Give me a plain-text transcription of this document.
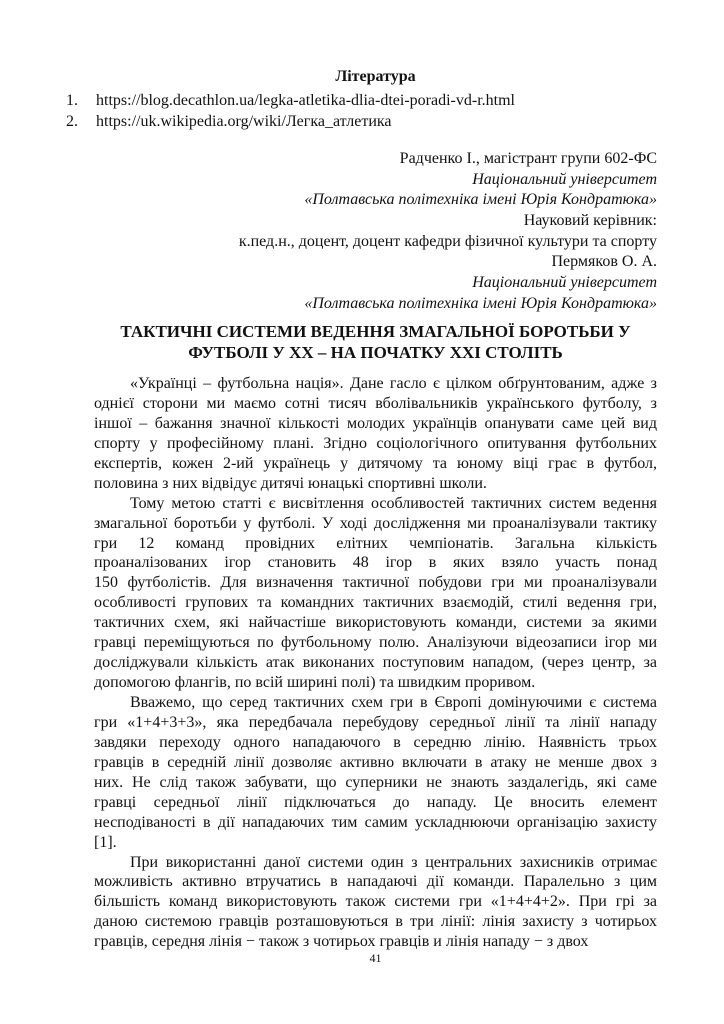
Література
1. https://blog.decathlon.ua/legka-atletika-dlia-dtei-poradi-vd-r.html
2. https://uk.wikipedia.org/wiki/Легка_атлетика
Радченко І., магістрант групи 602-ФС
Національний університет
«Полтавська політехніка імені Юрія Кондратюка»
Науковий керівник:
к.пед.н., доцент, доцент кафедри фізичної культури та спорту
Пермяков О. А.
Національний університет
«Полтавська політехніка імені Юрія Кондратюка»
ТАКТИЧНІ СИСТЕМИ ВЕДЕННЯ ЗМАГАЛЬНОЇ БОРОТЬБИ У
ФУТБОЛІ У ХХ – НА ПОЧАТКУ ХХІ СТОЛІТЬ
«Українці – футбольна нація». Дане гасло є цілком обґрунтованим, адже з
однієї сторони ми маємо сотні тисяч вболівальників українського футболу, з
іншої – бажання значної кількості молодих українців опанувати саме цей вид
спорту у професійному плані. Згідно соціологічного опитування футбольних
експертів, кожен 2-ий українець у дитячому та юному віці грає в футбол,
половина з них відвідує дитячі юнацькі спортивні школи.
Тому метою статті є висвітлення особливостей тактичних систем ведення
змагальної боротьби у футболі. У ході дослідження ми проаналізували тактику
гри 12 команд провідних елітних чемпіонатів. Загальна кількість
проаналізованих ігор становить 48 ігор в яких взяло участь понад
150 футболістів. Для визначення тактичної побудови гри ми проаналізували
особливості групових та командних тактичних взаємодій, стилі ведення гри,
тактичних схем, які найчастіше використовують команди, системи за якими
гравці переміщуються по футбольному полю. Аналізуючи відеозаписи ігор ми
досліджували кількість атак виконаних поступовим нападом, (через центр, за
допомогою флангів, по всій ширині полі) та швидким проривом.
Вважемо, що серед тактичних схем гри в Європі домінуючими є система
гри «1+4+3+3», яка передбачала перебудову середньої лінії та лінії нападу
завдяки переходу одного нападаючого в середню лінію. Наявність трьох
гравців в середній лінії дозволяє активно включати в атаку не менше двох з
них. Не слід також забувати, що суперники не знають заздалегідь, які саме
гравці середньої лінії підключаться до нападу. Це вносить елемент
несподіваності в дії нападаючих тим самим ускладнюючи організацію захисту
[1].
При використанні даної системи один з центральних захисників отримає
можливість активно втручатись в нападаючі дії команди. Паралельно з цим
більшість команд використовують також системи гри «1+4+4+2». При грі за
даною системою гравців розташовуються в три лінії: лінія захисту з чотирьох
гравців, середня лінія − також з чотирьох гравців и лінія нападу − з двох
41
